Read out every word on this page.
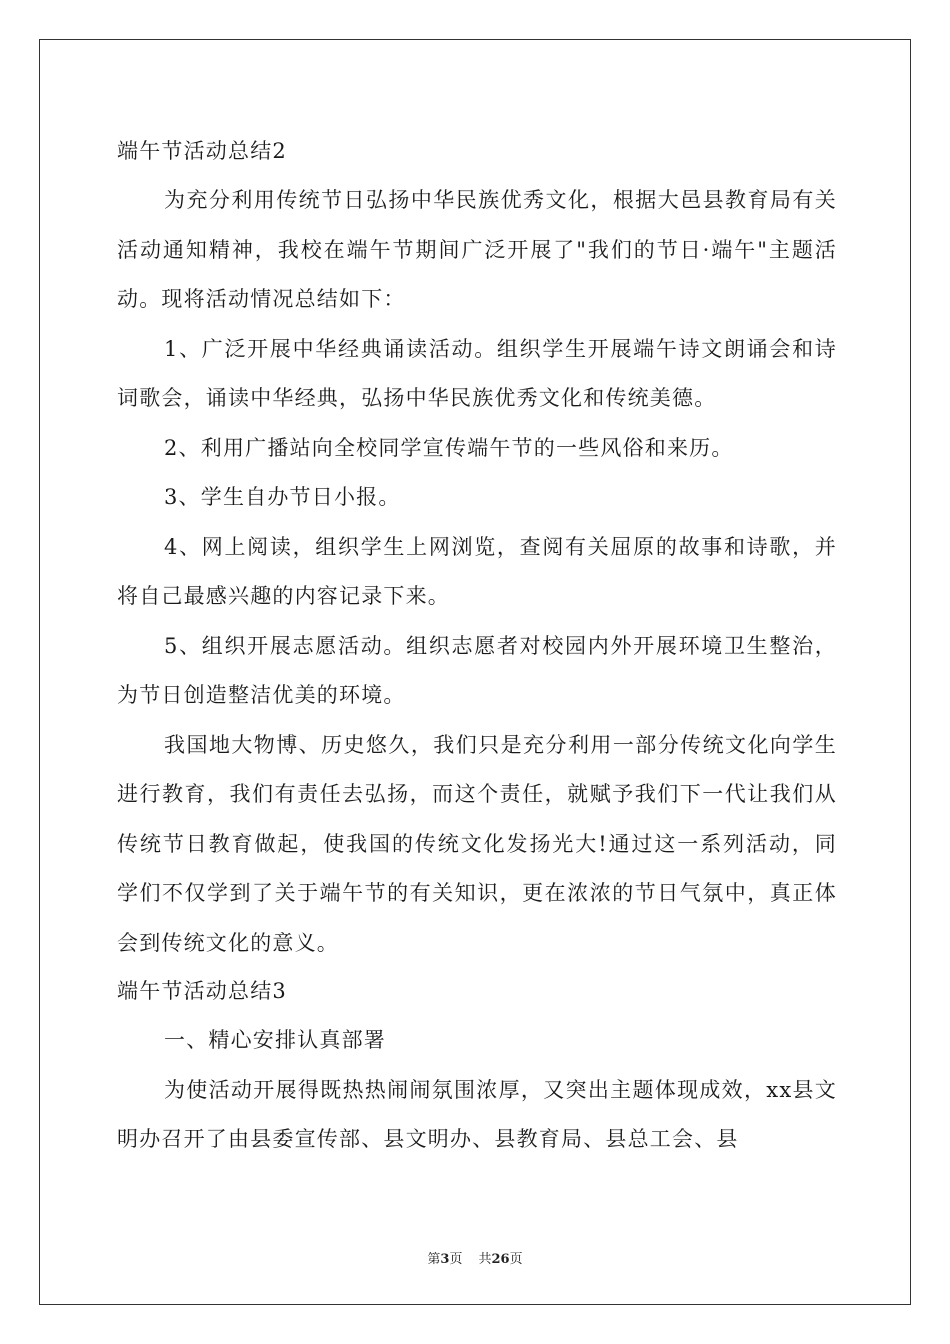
端午节活动总结2

为充分利用传统节日弘扬中华民族优秀文化，根据大邑县教育局有关活动通知精神，我校在端午节期间广泛开展了"我们的节日·端午"主题活动。现将活动情况总结如下：

1、广泛开展中华经典诵读活动。组织学生开展端午诗文朗诵会和诗词歌会，诵读中华经典，弘扬中华民族优秀文化和传统美德。

2、利用广播站向全校同学宣传端午节的一些风俗和来历。

3、学生自办节日小报。

4、网上阅读，组织学生上网浏览，查阅有关屈原的故事和诗歌，并将自己最感兴趣的内容记录下来。

5、组织开展志愿活动。组织志愿者对校园内外开展环境卫生整治，为节日创造整洁优美的环境。

我国地大物博、历史悠久，我们只是充分利用一部分传统文化向学生进行教育，我们有责任去弘扬，而这个责任，就赋予我们下一代让我们从传统节日教育做起，使我国的传统文化发扬光大!通过这一系列活动，同学们不仅学到了关于端午节的有关知识，更在浓浓的节日气氛中，真正体会到传统文化的意义。

端午节活动总结3

一、精心安排认真部署

为使活动开展得既热热闹闹氛围浓厚，又突出主题体现成效，xx县文明办召开了由县委宣传部、县文明办、县教育局、县总工会、县

第3页 共26页
